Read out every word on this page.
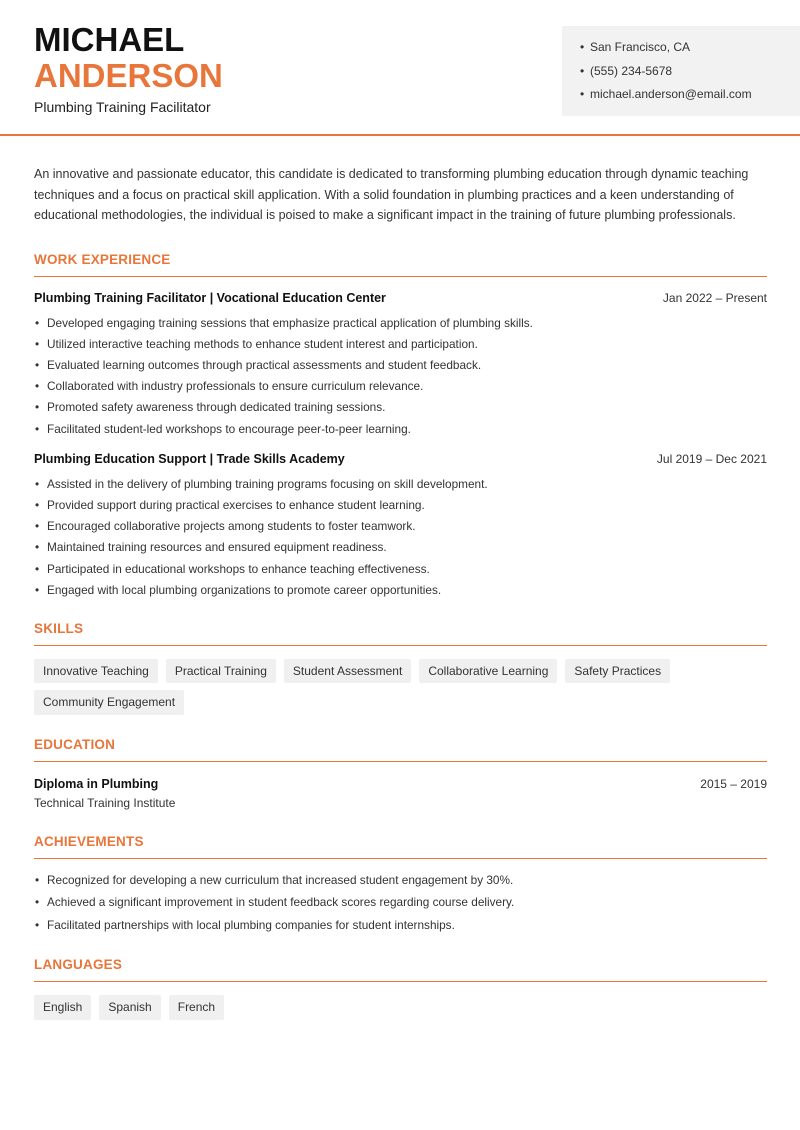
MICHAEL
ANDERSON
Plumbing Training Facilitator
• San Francisco, CA
• (555) 234-5678
• michael.anderson@email.com

An innovative and passionate educator, this candidate is dedicated to transforming plumbing education through dynamic teaching techniques and a focus on practical skill application. With a solid foundation in plumbing practices and a keen understanding of educational methodologies, the individual is poised to make a significant impact in the training of future plumbing professionals.

WORK EXPERIENCE
Plumbing Training Facilitator | Vocational Education Center	Jan 2022 – Present
• Developed engaging training sessions that emphasize practical application of plumbing skills.
• Utilized interactive teaching methods to enhance student interest and participation.
• Evaluated learning outcomes through practical assessments and student feedback.
• Collaborated with industry professionals to ensure curriculum relevance.
• Promoted safety awareness through dedicated training sessions.
• Facilitated student-led workshops to encourage peer-to-peer learning.
Plumbing Education Support | Trade Skills Academy	Jul 2019 – Dec 2021
• Assisted in the delivery of plumbing training programs focusing on skill development.
• Provided support during practical exercises to enhance student learning.
• Encouraged collaborative projects among students to foster teamwork.
• Maintained training resources and ensured equipment readiness.
• Participated in educational workshops to enhance teaching effectiveness.
• Engaged with local plumbing organizations to promote career opportunities.
SKILLS
Innovative Teaching	Practical Training	Student Assessment	Collaborative Learning	Safety Practices
Community Engagement
EDUCATION
Diploma in Plumbing	2015 – 2019
Technical Training Institute
ACHIEVEMENTS
• Recognized for developing a new curriculum that increased student engagement by 30%.
• Achieved a significant improvement in student feedback scores regarding course delivery.
• Facilitated partnerships with local plumbing companies for student internships.
LANGUAGES
English	Spanish	French
